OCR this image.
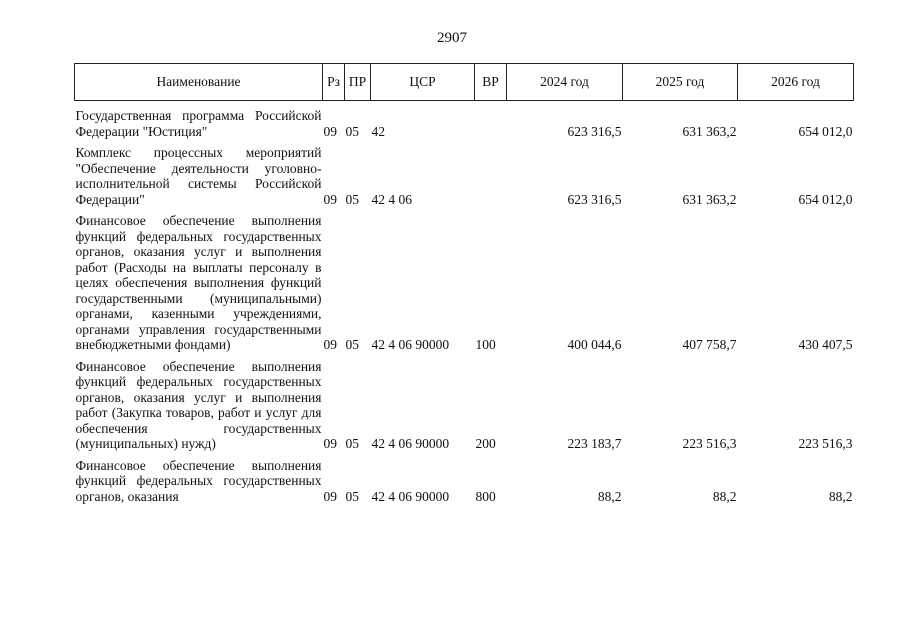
2907
Наименование	Рз	ПР	ЦСР	ВР	2024 год	2025 год	2026 год
Государственная программа Российской Федерации "Юстиция"	09	05	42		623 316,5	631 363,2	654 012,0
Комплекс процессных мероприятий "Обеспечение деятельности уголовно-исполнительной системы Российской Федерации"	09	05	42 4 06		623 316,5	631 363,2	654 012,0
Финансовое обеспечение выполнения функций федеральных государственных органов, оказания услуг и выполнения работ (Расходы на выплаты персоналу в целях обеспечения выполнения функций государственными (муниципальными) органами, казенными учреждениями, органами управления государственными внебюджетными фондами)	09	05	42 4 06 90000	100	400 044,6	407 758,7	430 407,5
Финансовое обеспечение выполнения функций федеральных государственных органов, оказания услуг и выполнения работ (Закупка товаров, работ и услуг для обеспечения государственных (муниципальных) нужд)	09	05	42 4 06 90000	200	223 183,7	223 516,3	223 516,3
Финансовое обеспечение выполнения функций федеральных государственных органов, оказания	09	05	42 4 06 90000	800	88,2	88,2	88,2
